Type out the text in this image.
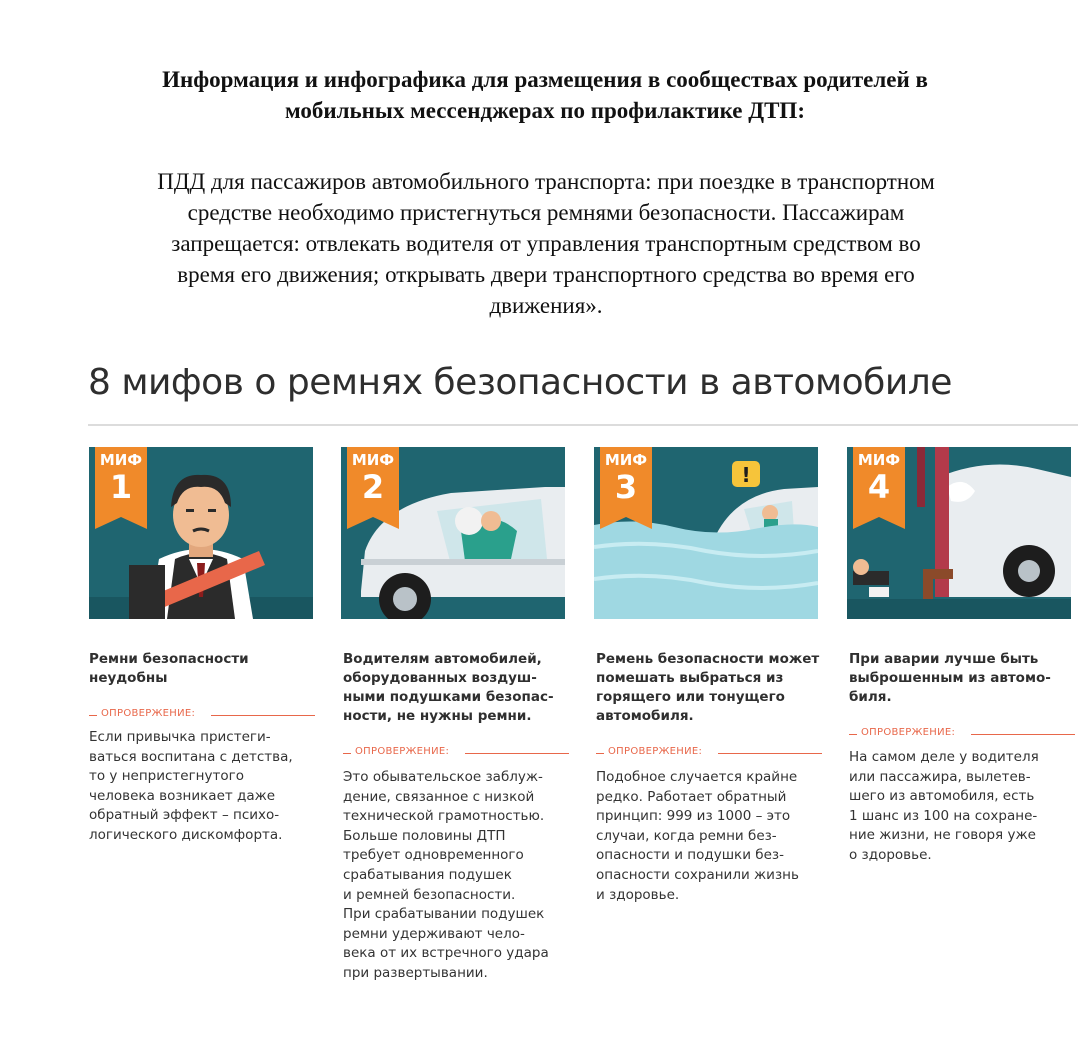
Информация и инфографика для размещения в сообществах родителей в
мобильных мессенджерах по профилактике ДТП:
ПДД для пассажиров автомобильного транспорта: при поездке в транспортном
средстве необходимо пристегнуться ремнями безопасности. Пассажирам
запрещается: отвлекать водителя от управления транспортным средством во
время его движения; открывать двери транспортного средства во время его
движения».
8 мифов о ремнях безопасности в автомобиле
МИФ
1
МИФ
2	!
МИФ
3
МИФ
4
Ремни безопасности
неудобны
ОПРОВЕРЖЕНИЕ:
Если привычка пристеги-
ваться воспитана с детства,
то у непристегнутого
человека возникает даже
обратный эффект – психо-
логического дискомфорта.
Водителям автомобилей,
оборудованных воздуш-
ными подушками безопас-
ности, не нужны ремни.
ОПРОВЕРЖЕНИЕ:
Это обывательское заблуж-
дение, связанное с низкой
технической грамотностью.
Больше половины ДТП
требует одновременного
срабатывания подушек
и ремней безопасности.
При срабатывании подушек
ремни удерживают чело-
века от их встречного удара
при развертывании.
Ремень безопасности может
помешать выбраться из
горящего или тонущего
автомобиля.
ОПРОВЕРЖЕНИЕ:
Подобное случается крайне
редко. Работает обратный
принцип: 999 из 1000 – это
случаи, когда ремни без-
опасности и подушки без-
опасности сохранили жизнь
и здоровье.
При аварии лучше быть
выброшенным из автомо-
биля.
ОПРОВЕРЖЕНИЕ:
На самом деле у водителя
или пассажира, вылетев-
шего из автомобиля, есть
1 шанс из 100 на сохране-
ние жизни, не говоря уже
о здоровье.
